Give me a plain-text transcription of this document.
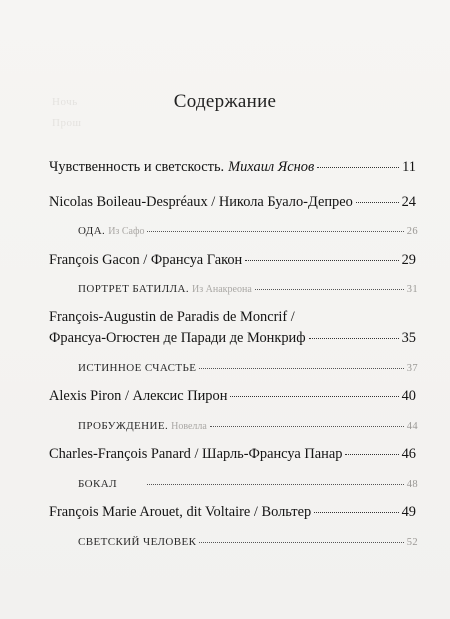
Ночь
Прош
Содержание
Чувственность и светскость. Михаил Яснов	11
Nicolas Boileau-Despréaux / Никола Буало-Депрео	24
ОДА. Из Сафо	26
François Gacon / Франсуа Гакон	29
ПОРТРЕТ БАТИЛЛА. Из Анакреона	31
François-Augustin de Paradis de Moncrif /
Франсуа-Огюстен де Паради де Монкриф	35
ИСТИННОЕ СЧАСТЬЕ	37
Alexis Piron / Алексис Пирон	40
ПРОБУЖДЕНИЕ. Новелла	44
Charles-François Panard / Шарль-Франсуа Панар	46
БОКАЛ	48
François Marie Arouet, dit Voltaire / Вольтер	49
СВЕТСКИЙ ЧЕЛОВЕК	52
